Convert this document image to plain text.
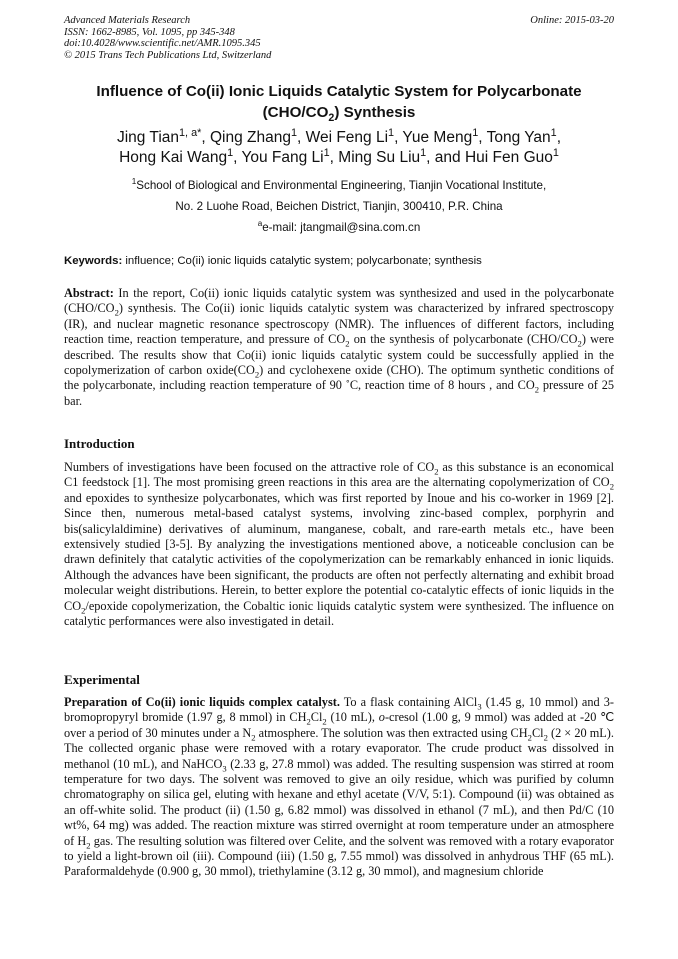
Advanced Materials Research
ISSN: 1662-8985, Vol. 1095, pp 345-348
doi:10.4028/www.scientific.net/AMR.1095.345
© 2015 Trans Tech Publications Ltd, Switzerland
Online: 2015-03-20
Influence of Co(ii) Ionic Liquids Catalytic System for Polycarbonate
$(CHO/CO_2)$ Synthesis
Jing Tian$^{1, a*}$, Qing Zhang$^1$, Wei Feng Li$^1$, Yue Meng$^1$, Tong Yan$^1$,
Hong Kai Wang$^1$, You Fang Li$^1$, Ming Su Liu$^1$, and Hui Fen Guo$^1$
$^1$School of Biological and Environmental Engineering, Tianjin Vocational Institute,
No. 2 Luohe Road, Beichen District, Tianjin, 300410, P.R. China
$^a$e-mail: jtangmail@sina.com.cn
Keywords: influence; Co(ii) ionic liquids catalytic system; polycarbonate; synthesis
Abstract: In the report, Co(ii) ionic liquids catalytic system was synthesized and used in the polycarbonate $(CHO/CO_2)$ synthesis. The Co(ii) ionic liquids catalytic system was characterized by infrared spectroscopy (IR), and nuclear magnetic resonance spectroscopy (NMR). The influences of different factors, including reaction time, reaction temperature, and pressure of $CO_2$ on the synthesis of polycarbonate $(CHO/CO_2)$ were described. The results show that Co(ii) ionic liquids catalytic system could be successfully applied in the copolymerization of carbon $oxide(CO_2)$ and cyclohexene oxide (CHO). The optimum synthetic conditions of the polycarbonate, including reaction temperature of 90 ˚C, reaction time of 8 hours , and $CO_2$ pressure of 25 bar.
Introduction
Numbers of investigations have been focused on the attractive role of $CO_2$ as this substance is an economical C1 feedstock [1]. The most promising green reactions in this area are the alternating copolymerization of $CO_2$ and epoxides to synthesize polycarbonates, which was first reported by Inoue and his co-worker in 1969 [2]. Since then, numerous metal-based catalyst systems, involving zinc-based complex, porphyrin and bis(salicylaldimine) derivatives of aluminum, manganese, cobalt, and rare-earth metals etc., have been extensively studied [3-5]. By analyzing the investigations mentioned above, a noticeable conclusion can be drawn definitely that catalytic activities of the copolymerization can be remarkably enhanced in ionic liquids. Although the advances have been significant, the products are often not perfectly alternating and exhibit broad molecular weight distributions. Herein, to better explore the potential co-catalytic effects of ionic liquids in the $CO_2$/epoxide copolymerization, the Cobaltic ionic liquids catalytic system were synthesized. The influence on catalytic performances were also investigated in detail.
Experimental
Preparation of Co(ii) ionic liquids complex catalyst. To a flask containing AlCl$_3$ (1.45 g, 10 mmol) and 3-bromopropyryl bromide (1.97 g, 8 mmol) in $CH_2Cl_2$ (10 mL), o-cresol (1.00 g, 9 mmol) was added at -20 ℃ over a period of 30 minutes under a $N_2$ atmosphere. The solution was then extracted using $CH_2Cl_2$ (2 × 20 mL). The collected organic phase were removed with a rotary evaporator. The crude product was dissolved in methanol (10 mL), and NaHCO$_3$ (2.33 g, 27.8 mmol) was added. The resulting suspension was stirred at room temperature for two days. The solvent was removed to give an oily residue, which was purified by column chromatography on silica gel, eluting with hexane and ethyl acetate (V/V, 5:1). Compound (ii) was obtained as an off-white solid. The product (ii) (1.50 g, 6.82 mmol) was dissolved in ethanol (7 mL), and then Pd/C (10 wt%, 64 mg) was added. The reaction mixture was stirred overnight at room temperature under an atmosphere of $H_2$ gas. The resulting solution was filtered over Celite, and the solvent was removed with a rotary evaporator to yield a light-brown oil (iii). Compound (iii) (1.50 g, 7.55 mmol) was dissolved in anhydrous THF (65 mL). Paraformaldehyde (0.900 g, 30 mmol), triethylamine (3.12 g, 30 mmol), and magnesium chloride
